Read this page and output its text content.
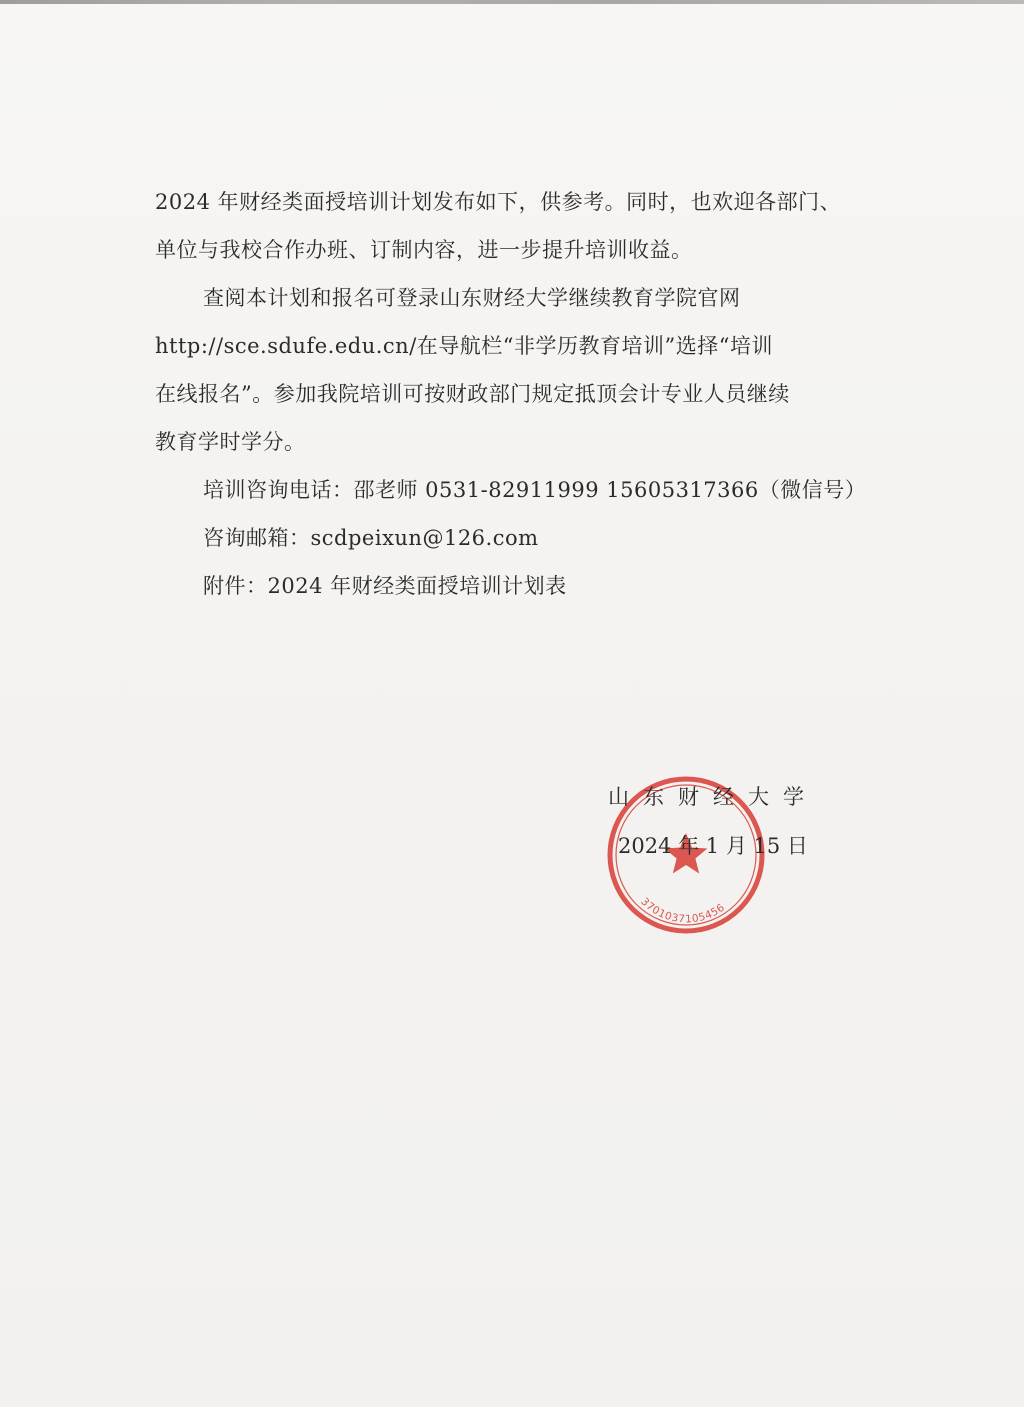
2024 年财经类面授培训计划发布如下，供参考。同时，也欢迎各部门、

单位与我校合作办班、订制内容，进一步提升培训收益。

查阅本计划和报名可登录山东财经大学继续教育学院官网

http://sce.sdufe.edu.cn/在导航栏“非学历教育培训”选择“培训

在线报名”。参加我院培训可按财政部门规定抵顶会计专业人员继续

教育学时学分。

培训咨询电话：邵老师 0531-82911999 15605317366（微信号）

咨询邮箱：scdpeixun@126.com

附件：2024 年财经类面授培训计划表

3701037105456
山东财经大学
2024 年 1 月 15 日
